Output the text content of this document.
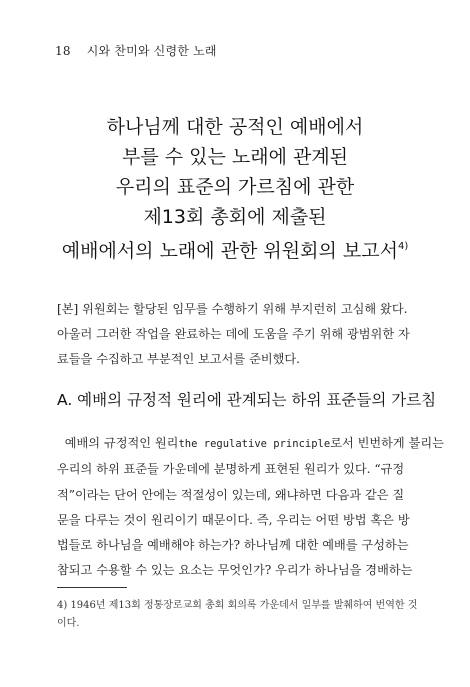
18 시와 찬미와 신령한 노래
하나님께 대한 공적인 예배에서
부를 수 있는 노래에 관계된
우리의 표준의 가르침에 관한
제13회 총회에 제출된
예배에서의 노래에 관한 위원회의 보고서$^{4)}$
[본] 위원회는 할당된 임무를 수행하기 위해 부지런히 고심해 왔다.
아울러 그러한 작업을 완료하는 데에 도움을 주기 위해 광범위한 자
료들을 수집하고 부분적인 보고서를 준비했다.
A. 예배의 규정적 원리에 관계되는 하위 표준들의 가르침
예배의 규정적인 원리the regulative principle로서 빈번하게 불리는
우리의 하위 표준들 가운데에 분명하게 표현된 원리가 있다. “규정
적”이라는 단어 안에는 적절성이 있는데, 왜냐하면 다음과 같은 질
문을 다루는 것이 원리이기 때문이다. 즉, 우리는 어떤 방법 혹은 방
법들로 하나님을 예배해야 하는가? 하나님께 대한 예배를 구성하는
참되고 수용할 수 있는 요소는 무엇인가? 우리가 하나님을 경배하는
4) 1946년 제13회 정통장로교회 총회 회의록 가운데서 일부를 발췌하여 번역한 것
이다.
